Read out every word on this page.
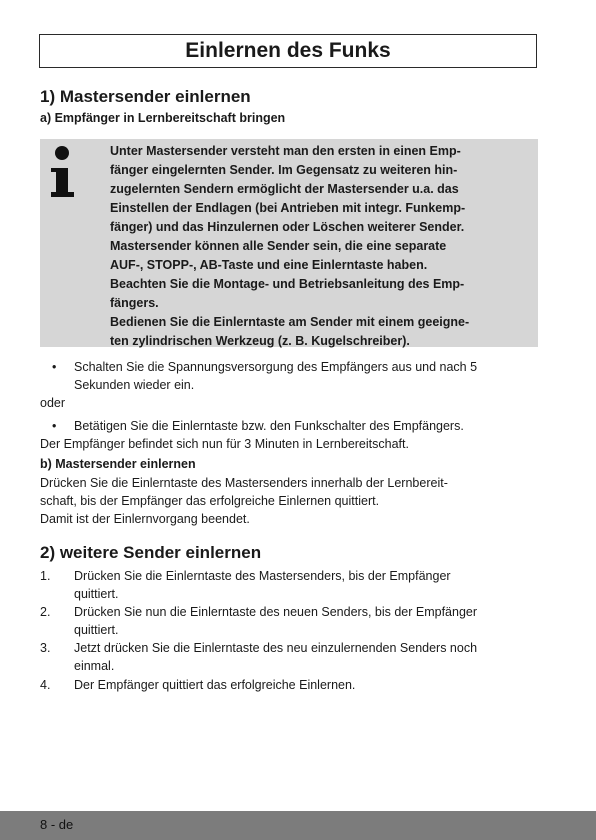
Einlernen des Funks
1) Mastersender einlernen
a) Empfänger in Lernbereitschaft bringen
Unter Mastersender versteht man den ersten in einen Emp-
fänger eingelernten Sender. Im Gegensatz zu weiteren hin-
zugelernten Sendern ermöglicht der Mastersender u.a. das
Einstellen der Endlagen (bei Antrieben mit integr. Funkemp-
fänger) und das Hinzulernen oder Löschen weiterer Sender.
Mastersender können alle Sender sein, die eine separate
AUF-, STOPP-, AB-Taste und eine Einlerntaste haben.
Beachten Sie die Montage- und Betriebsanleitung des Emp-
fängers.
Bedienen Sie die Einlerntaste am Sender mit einem geeigne-
ten zylindrischen Werkzeug (z. B. Kugelschreiber).
• Schalten Sie die Spannungsversorgung des Empfängers aus und nach 5
Sekunden wieder ein.
oder
• Betätigen Sie die Einlerntaste bzw. den Funkschalter des Empfängers.
Der Empfänger befindet sich nun für 3 Minuten in Lernbereitschaft.
b) Mastersender einlernen
Drücken Sie die Einlerntaste des Mastersenders innerhalb der Lernbereit-
schaft, bis der Empfänger das erfolgreiche Einlernen quittiert.
Damit ist der Einlernvorgang beendet.
2) weitere Sender einlernen
1. Drücken Sie die Einlerntaste des Mastersenders, bis der Empfänger
quittiert.
2. Drücken Sie nun die Einlerntaste des neuen Senders, bis der Empfänger
quittiert.
3. Jetzt drücken Sie die Einlerntaste des neu einzulernenden Senders noch
einmal.
4. Der Empfänger quittiert das erfolgreiche Einlernen.
8 - de
